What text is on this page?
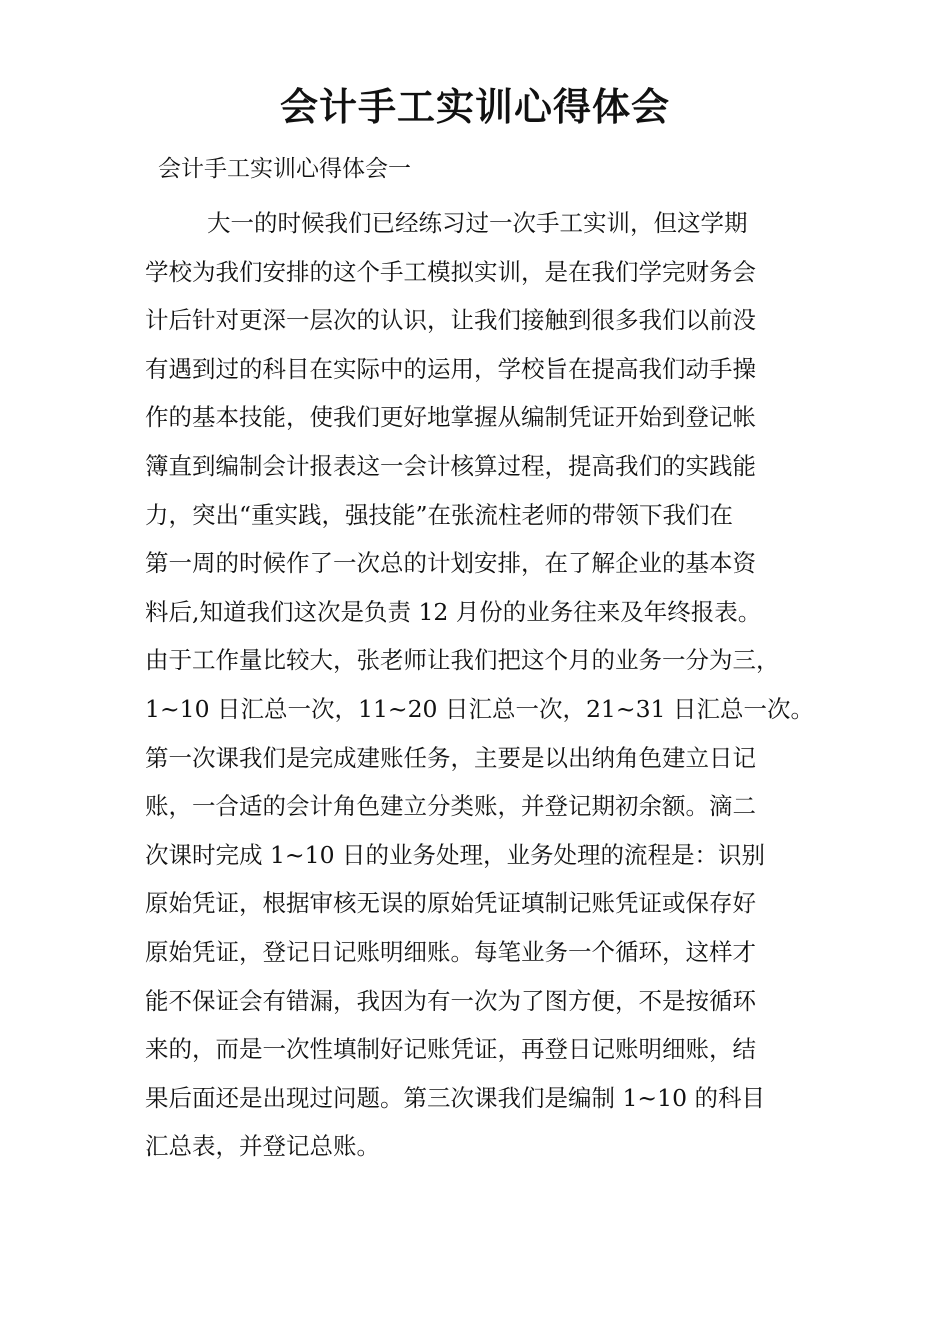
会计手工实训心得体会
会计手工实训心得体会一
大一的时候我们已经练习过一次手工实训，但这学期
学校为我们安排的这个手工模拟实训，是在我们学完财务会
计后针对更深一层次的认识，让我们接触到很多我们以前没
有遇到过的科目在实际中的运用，学校旨在提高我们动手操
作的基本技能，使我们更好地掌握从编制凭证开始到登记帐
簿直到编制会计报表这一会计核算过程，提高我们的实践能
力，突出“重实践，强技能”在张流柱老师的带领下我们在
第一周的时候作了一次总的计划安排，在了解企业的基本资
料后,知道我们这次是负责 12 月份的业务往来及年终报表。
由于工作量比较大，张老师让我们把这个月的业务一分为三，
1~10 日汇总一次，11~20 日汇总一次，21~31 日汇总一次。
第一次课我们是完成建账任务，主要是以出纳角色建立日记
账，一合适的会计角色建立分类账，并登记期初余额。滴二
次课时完成 1~10 日的业务处理，业务处理的流程是：识别
原始凭证，根据审核无误的原始凭证填制记账凭证或保存好
原始凭证，登记日记账明细账。每笔业务一个循环，这样才
能不保证会有错漏，我因为有一次为了图方便，不是按循环
来的，而是一次性填制好记账凭证，再登日记账明细账，结
果后面还是出现过问题。第三次课我们是编制 1~10 的科目
汇总表，并登记总账。
